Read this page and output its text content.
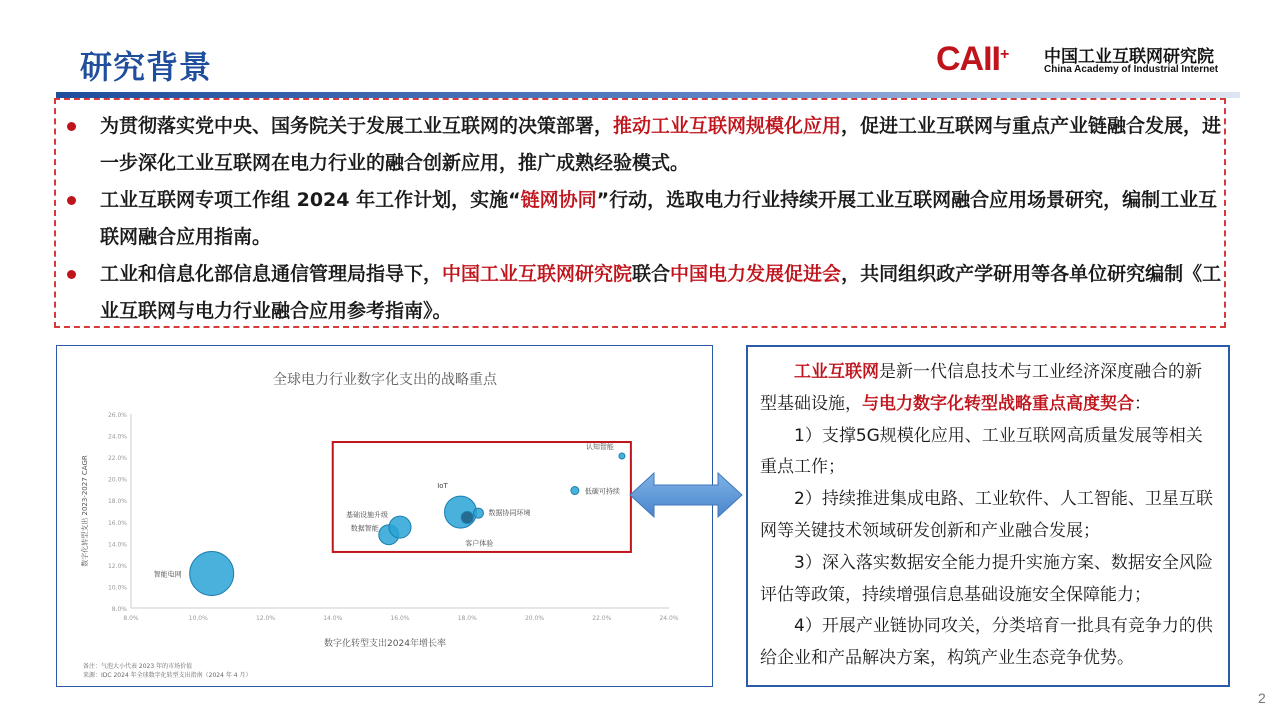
研究背景	CAII+ 中国工业互联网研究院
China Academy of Industrial Internet
为贯彻落实党中央、国务院关于发展工业互联网的决策部署，推动工业互联网规模化应用，促进工业互联网与重点产业链融合发展，进一步深化工业互联网在电力行业的融合创新应用，推广成熟经验模式。
工业互联网专项工作组 2024 年工作计划，实施“链网协同”行动，选取电力行业持续开展工业互联网融合应用场景研究，编制工业互联网融合应用指南。
工业和信息化部信息通信管理局指导下，中国工业互联网研究院联合中国电力发展促进会，共同组织政产学研用等各单位研究编制《工业互联网与电力行业融合应用参考指南》。
全球电力行业数字化支出的战略重点
8.0%
10.0%
12.0%
14.0%
16.0%
18.0%
20.0%
22.0%
24.0%
26.0%
8.0%	10.0%	12.0%	14.0%	16.0%	18.0%	20.0%	22.0%	24.0%
数字化转型支出2024年增长率
数字化转型支出 2023-2027 CAGR
智能电网
数据智能
基础设施升级
IoT
客户体验
数据协同环境
低碳可持续
认知智能
备注：气泡大小代表 2023 年的市场价值
来源：IDC 2024 年全球数字化转型支出指南（2024 年 4 月）

工业互联网是新一代信息技术与工业经济深度融合的新型基础设施，与电力数字化转型战略重点高度契合：

1）支撑5G规模化应用、工业互联网高质量发展等相关重点工作；

2）持续推进集成电路、工业软件、人工智能、卫星互联网等关键技术领域研发创新和产业融合发展；

3）深入落实数据安全能力提升实施方案、数据安全风险评估等政策，持续增强信息基础设施安全保障能力；

4）开展产业链协同攻关，分类培育一批具有竞争力的供给企业和产品解决方案，构筑产业生态竞争优势。

2
